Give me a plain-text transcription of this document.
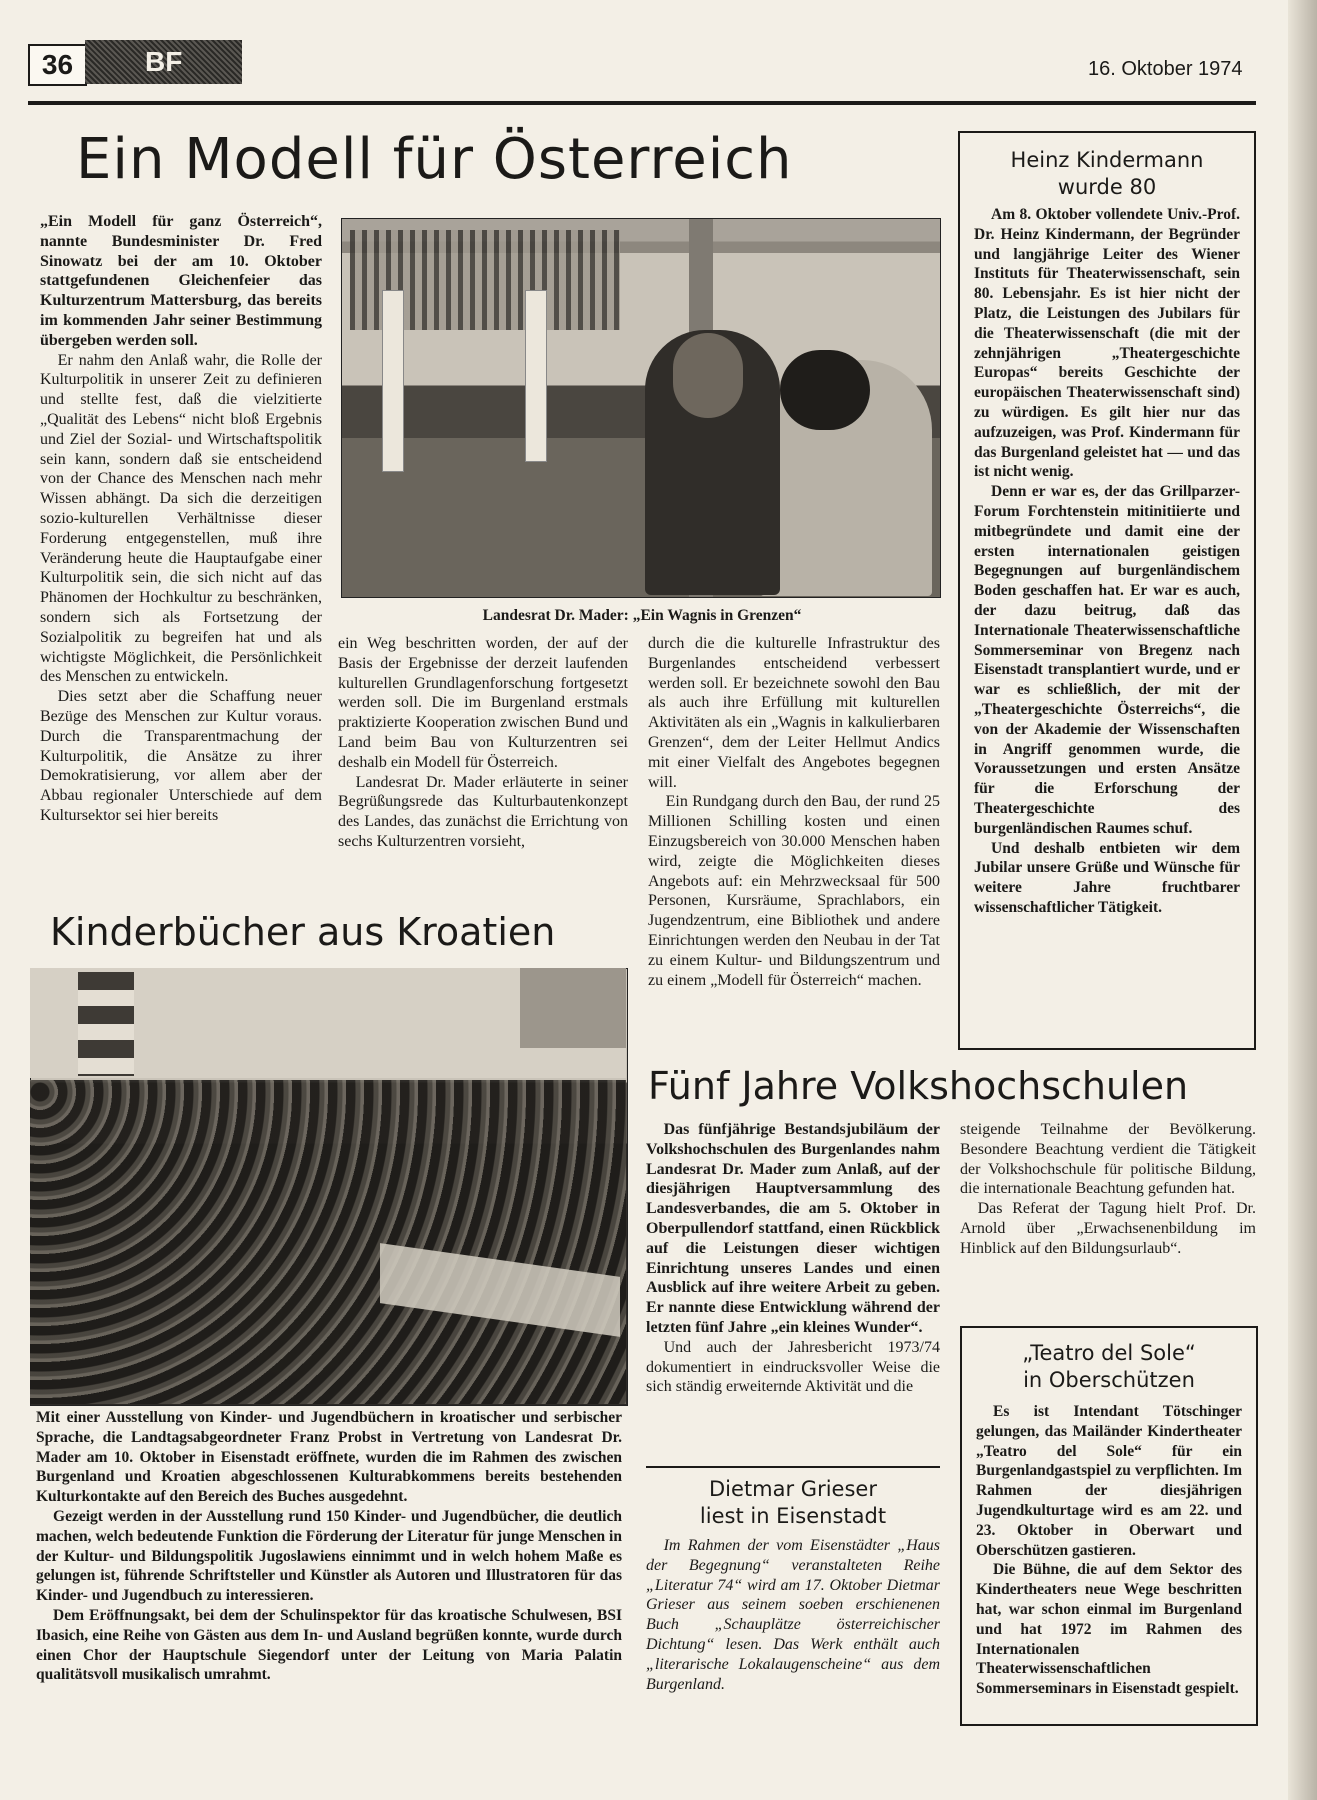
36	BF	16. Oktober 1974
Ein Modell für Österreich

„Ein Modell für ganz Österreich“, nannte Bundesminister Dr. Fred Sinowatz bei der am 10. Oktober stattgefundenen Gleichenfeier das Kulturzentrum Mattersburg, das bereits im kommenden Jahr seiner Bestimmung übergeben werden soll.

Er nahm den Anlaß wahr, die Rolle der Kulturpolitik in unserer Zeit zu definieren und stellte fest, daß die vielzitierte „Qualität des Lebens“ nicht bloß Ergebnis und Ziel der Sozial- und Wirtschaftspolitik sein kann, sondern daß sie entscheidend von der Chance des Menschen nach mehr Wissen abhängt. Da sich die derzeitigen sozio-kulturellen Verhältnisse dieser Forderung entgegenstellen, muß ihre Veränderung heute die Hauptaufgabe einer Kulturpolitik sein, die sich nicht auf das Phänomen der Hochkultur zu beschränken, sondern sich als Fortsetzung der Sozialpolitik zu begreifen hat und als wichtigste Möglichkeit, die Persönlichkeit des Menschen zu entwickeln.

Dies setzt aber die Schaffung neuer Bezüge des Menschen zur Kultur voraus. Durch die Transparentmachung der Kulturpolitik, die Ansätze zu ihrer Demokratisierung, vor allem aber der Abbau regionaler Unterschiede auf dem Kultursektor sei hier bereits

Landesrat Dr. Mader: „Ein Wagnis in Grenzen“

ein Weg beschritten worden, der auf der Basis der Ergebnisse der derzeit laufenden kulturellen Grundlagenforschung fortgesetzt werden soll. Die im Burgenland erstmals praktizierte Kooperation zwischen Bund und Land beim Bau von Kulturzentren sei deshalb ein Modell für Österreich.

Landesrat Dr. Mader erläuterte in seiner Begrüßungsrede das Kulturbautenkonzept des Landes, das zunächst die Errichtung von sechs Kulturzentren vorsieht,

durch die die kulturelle Infrastruktur des Burgenlandes entscheidend verbessert werden soll. Er bezeichnete sowohl den Bau als auch ihre Erfüllung mit kulturellen Aktivitäten als ein „Wagnis in kalkulierbaren Grenzen“, dem der Leiter Hellmut Andics mit einer Vielfalt des Angebotes begegnen will.

Ein Rundgang durch den Bau, der rund 25 Millionen Schilling kosten und einen Einzugsbereich von 30.000 Menschen haben wird, zeigte die Möglichkeiten dieses Angebots auf: ein Mehrzwecksaal für 500 Personen, Kursräume, Sprachlabors, ein Jugendzentrum, eine Bibliothek und andere Einrichtungen werden den Neubau in der Tat zu einem Kultur- und Bildungszentrum und zu einem „Modell für Österreich“ machen.

Heinz Kindermann
wurde 80

Am 8. Oktober vollendete Univ.-Prof. Dr. Heinz Kindermann, der Begründer und langjährige Leiter des Wiener Instituts für Theaterwissenschaft, sein 80. Lebensjahr. Es ist hier nicht der Platz, die Leistungen des Jubilars für die Theaterwissenschaft (die mit der zehnjährigen „Theatergeschichte Europas“ bereits Geschichte der europäischen Theaterwissenschaft sind) zu würdigen. Es gilt hier nur das aufzuzeigen, was Prof. Kindermann für das Burgenland geleistet hat — und das ist nicht wenig.

Denn er war es, der das Grillparzer-Forum Forchtenstein mitinitiierte und mitbegründete und damit eine der ersten internationalen geistigen Begegnungen auf burgenländischem Boden geschaffen hat. Er war es auch, der dazu beitrug, daß das Internationale Theaterwissenschaftliche Sommerseminar von Bregenz nach Eisenstadt transplantiert wurde, und er war es schließlich, der mit der „Theatergeschichte Österreichs“, die von der Akademie der Wissenschaften in Angriff genommen wurde, die Voraussetzungen und ersten Ansätze für die Erforschung der Theatergeschichte des burgenländischen Raumes schuf.

Und deshalb entbieten wir dem Jubilar unsere Grüße und Wünsche für weitere Jahre fruchtbarer wissenschaftlicher Tätigkeit.

Kinderbücher aus Kroatien

Mit einer Ausstellung von Kinder- und Jugendbüchern in kroatischer und serbischer Sprache, die Landtagsabgeordneter Franz Probst in Vertretung von Landesrat Dr. Mader am 10. Oktober in Eisenstadt eröffnete, wurden die im Rahmen des zwischen Burgenland und Kroatien abgeschlossenen Kulturabkommens bereits bestehenden Kulturkontakte auf den Bereich des Buches ausgedehnt.

Gezeigt werden in der Ausstellung rund 150 Kinder- und Jugendbücher, die deutlich machen, welch bedeutende Funktion die Förderung der Literatur für junge Menschen in der Kultur- und Bildungspolitik Jugoslawiens einnimmt und in welch hohem Maße es gelungen ist, führende Schriftsteller und Künstler als Autoren und Illustratoren für das Kinder- und Jugendbuch zu interessieren.

Dem Eröffnungsakt, bei dem der Schulinspektor für das kroatische Schulwesen, BSI Ibasich, eine Reihe von Gästen aus dem In- und Ausland begrüßen konnte, wurde durch einen Chor der Hauptschule Siegendorf unter der Leitung von Maria Palatin qualitätsvoll musikalisch umrahmt.

Fünf Jahre Volkshochschulen

Das fünfjährige Bestandsjubiläum der Volkshochschulen des Burgenlandes nahm Landesrat Dr. Mader zum Anlaß, auf der diesjährigen Hauptversammlung des Landesverbandes, die am 5. Oktober in Oberpullendorf stattfand, einen Rückblick auf die Leistungen dieser wichtigen Einrichtung unseres Landes und einen Ausblick auf ihre weitere Arbeit zu geben. Er nannte diese Entwicklung während der letzten fünf Jahre „ein kleines Wunder“.

Und auch der Jahresbericht 1973/74 dokumentiert in eindrucksvoller Weise die sich ständig erweiternde Aktivität und die

steigende Teilnahme der Bevölkerung. Besondere Beachtung verdient die Tätigkeit der Volkshochschule für politische Bildung, die internationale Beachtung gefunden hat.

Das Referat der Tagung hielt Prof. Dr. Arnold über „Erwachsenenbildung im Hinblick auf den Bildungsurlaub“.

Dietmar Grieser
liest in Eisenstadt

Im Rahmen der vom Eisenstädter „Haus der Begegnung“ veranstalteten Reihe „Literatur 74“ wird am 17. Oktober Dietmar Grieser aus seinem soeben erschienenen Buch „Schauplätze österreichischer Dichtung“ lesen. Das Werk enthält auch „literarische Lokalaugenscheine“ aus dem Burgenland.

„Teatro del Sole“
in Oberschützen

Es ist Intendant Tötschinger gelungen, das Mailänder Kindertheater „Teatro del Sole“ für ein Burgenlandgastspiel zu verpflichten. Im Rahmen der diesjährigen Jugendkulturtage wird es am 22. und 23. Oktober in Oberwart und Oberschützen gastieren.

Die Bühne, die auf dem Sektor des Kindertheaters neue Wege beschritten hat, war schon einmal im Burgenland und hat 1972 im Rahmen des Internationalen Theaterwissenschaftlichen Sommerseminars in Eisenstadt gespielt.
